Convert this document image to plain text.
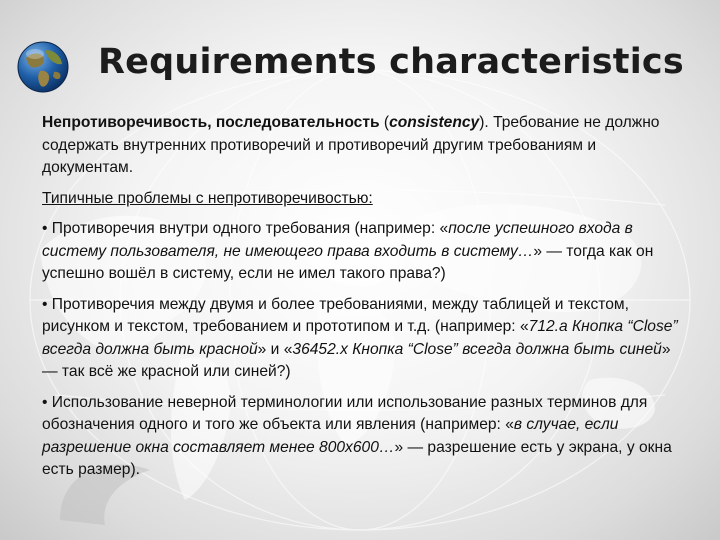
Requirements characteristics

Непротиворечивость, последовательность (consistency). Требование не должно содержать внутренних противоречий и противоречий другим требованиям и документам.

Типичные проблемы с непротиворечивостью:

• Противоречия внутри одного требования (например: «после успешного входа в систему пользователя, не имеющего права входить в систему…» — тогда как он успешно вошёл в систему, если не имел такого права?)

• Противоречия между двумя и более требованиями, между таблицей и текстом, рисунком и текстом, требованием и прототипом и т.д. (например: «712.a Кнопка “Close” всегда должна быть красной» и «36452.x Кнопка “Close” всегда должна быть синей» — так всё же красной или синей?)

• Использование неверной терминологии или использование разных терминов для обозначения одного и того же объекта или явления (например: «в случае, если разрешение окна составляет менее 800x600…» — разрешение есть у экрана, у окна есть размер).
